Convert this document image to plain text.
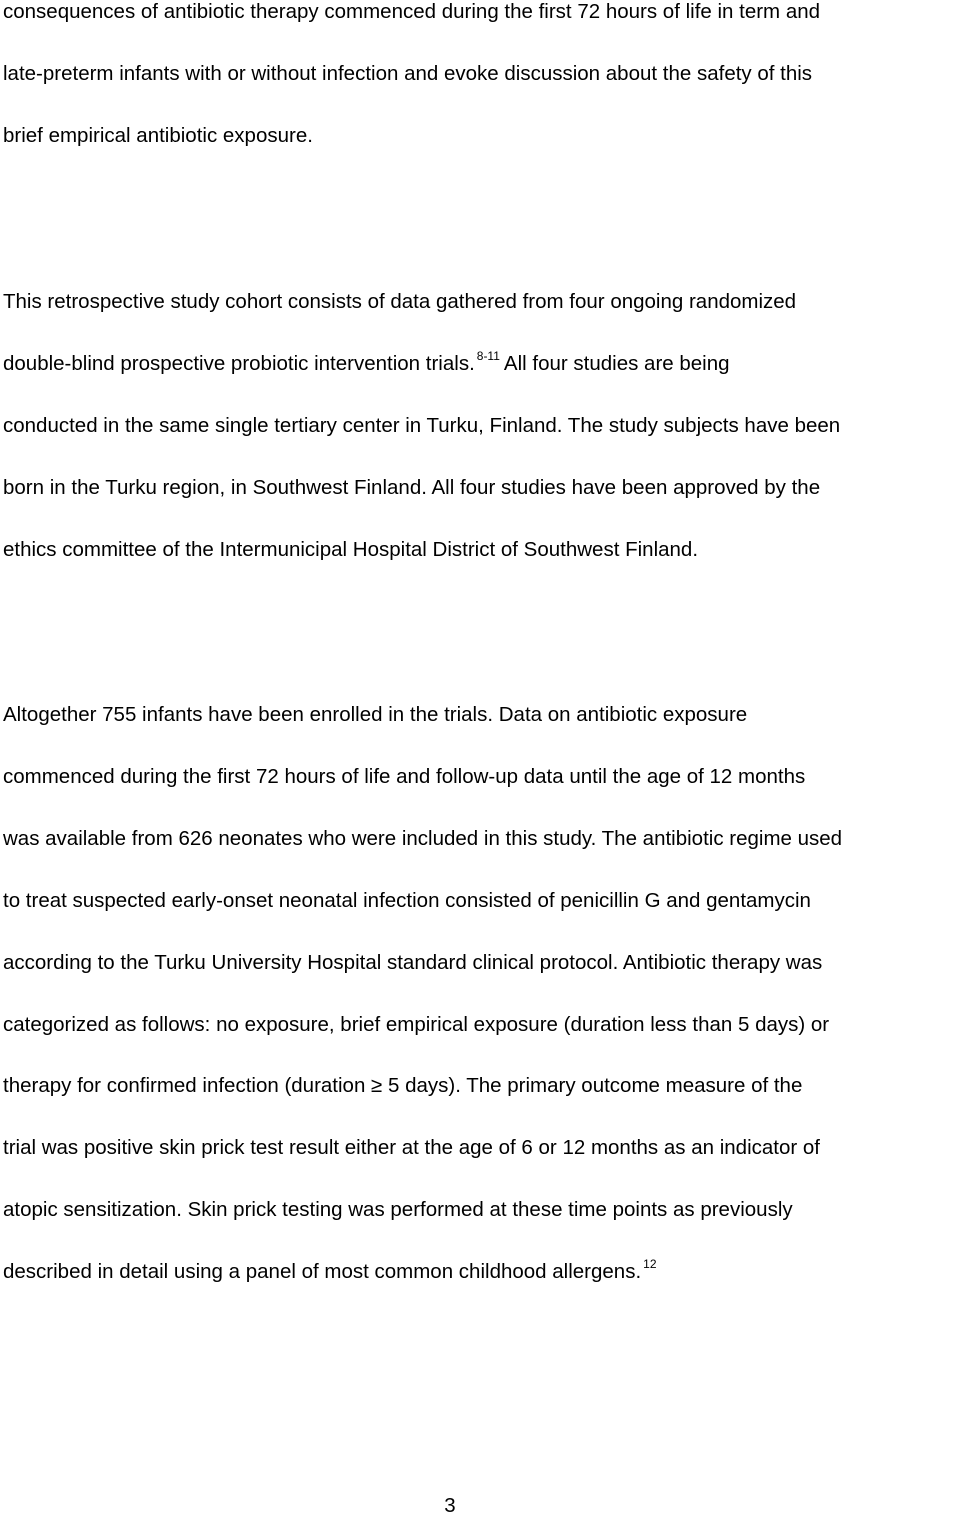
consequences of antibiotic therapy commenced during the first 72 hours of life in term and
late-preterm infants with or without infection and evoke discussion about the safety of this
brief empirical antibiotic exposure.
This retrospective study cohort consists of data gathered from four ongoing randomized
double-blind prospective probiotic intervention trials. $^{8-11}$ All four studies are being
conducted in the same single tertiary center in Turku, Finland. The study subjects have been
born in the Turku region, in Southwest Finland. All four studies have been approved by the
ethics committee of the Intermunicipal Hospital District of Southwest Finland.
Altogether 755 infants have been enrolled in the trials. Data on antibiotic exposure
commenced during the first 72 hours of life and follow-up data until the age of 12 months
was available from 626 neonates who were included in this study. The antibiotic regime used
to treat suspected early-onset neonatal infection consisted of penicillin G and gentamycin
according to the Turku University Hospital standard clinical protocol. Antibiotic therapy was
categorized as follows: no exposure, brief empirical exposure (duration less than 5 days) or
therapy for confirmed infection (duration ≥ 5 days). The primary outcome measure of the
trial was positive skin prick test result either at the age of 6 or 12 months as an indicator of
atopic sensitization. Skin prick testing was performed at these time points as previously
described in detail using a panel of most common childhood allergens. $^{12}$
3
